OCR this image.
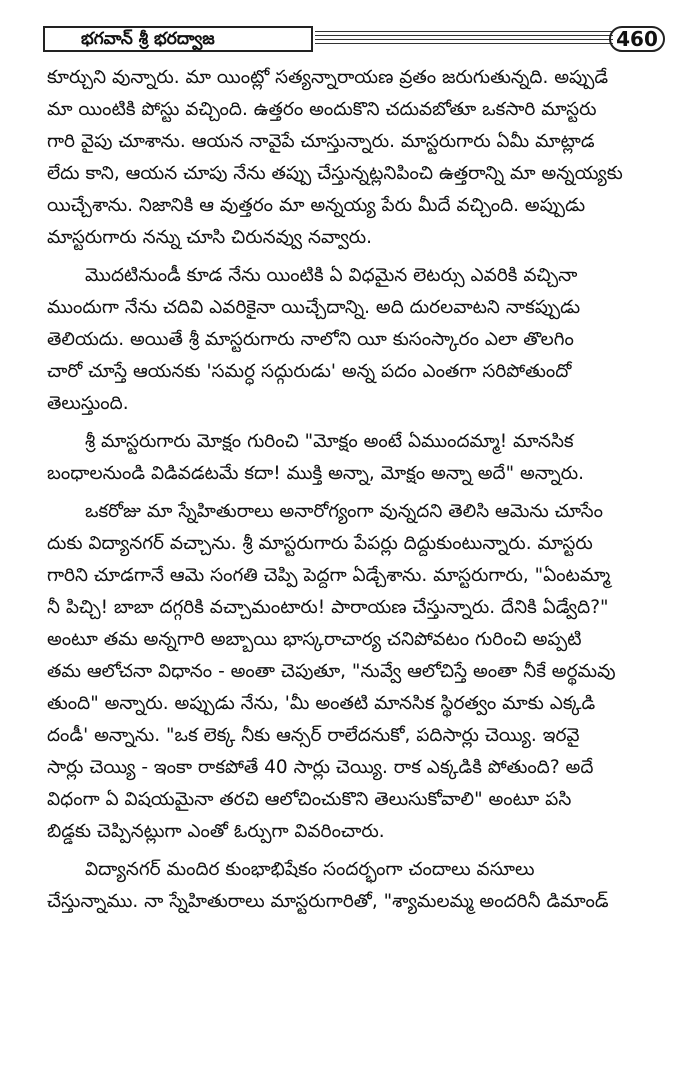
భగవాన్ శ్రీ భరద్వాజ	460

కూర్చుని వున్నారు. మా యింట్లో సత్యన్నారాయణ వ్రతం జరుగుతున్నది. అప్పుడే
మా యింటికి పోస్టు వచ్చింది. ఉత్తరం అందుకొని చదువబోతూ ఒకసారి మాస్టరు
గారి వైపు చూశాను. ఆయన నావైపే చూస్తున్నారు. మాస్టరుగారు ఏమీ మాట్లాడ
లేదు కాని, ఆయన చూపు నేను తప్పు చేస్తున్నట్లనిపించి ఉత్తరాన్ని మా అన్నయ్యకు
యిచ్చేశాను. నిజానికి ఆ వుత్తరం మా అన్నయ్య పేరు మీదే వచ్చింది. అప్పుడు
మాస్టరుగారు నన్ను చూసి చిరునవ్వు నవ్వారు.

మొదటినుండీ కూడ నేను యింటికి ఏ విధమైన లెటర్సు ఎవరికి వచ్చినా
ముందుగా నేను చదివి ఎవరికైనా యిచ్చేదాన్ని. అది దురలవాటని నాకప్పుడు
తెలియదు. అయితే శ్రీ మాస్టరుగారు నాలోని యీ కుసంస్కారం ఎలా తొలగిం
చారో చూస్తే ఆయనకు 'సమర్ధ సద్గురుడు' అన్న పదం ఎంతగా సరిపోతుందో
తెలుస్తుంది.

శ్రీ మాస్టరుగారు మోక్షం గురించి "మోక్షం అంటే ఏముందమ్మా! మానసిక
బంధాలనుండి విడివడటమే కదా! ముక్తి అన్నా, మోక్షం అన్నా అదే" అన్నారు.

ఒకరోజు మా స్నేహితురాలు అనారోగ్యంగా వున్నదని తెలిసి ఆమెను చూసేం
దుకు విద్యానగర్ వచ్చాను. శ్రీ మాస్టరుగారు పేపర్లు దిద్దుకుంటున్నారు. మాస్టరు
గారిని చూడగానే ఆమె సంగతి చెప్పి పెద్దగా ఏడ్చేశాను. మాస్టరుగారు, "ఏంటమ్మా
నీ పిచ్చి! బాబా దగ్గరికి వచ్చామంటారు! పారాయణ చేస్తున్నారు. దేనికి ఏడ్వేది?"
అంటూ తమ అన్నగారి అబ్బాయి భాస్కరాచార్య చనిపోవటం గురించి అప్పటి
తమ ఆలోచనా విధానం - అంతా చెపుతూ, "నువ్వే ఆలోచిస్తే అంతా నీకే అర్థమవు
తుంది" అన్నారు. అప్పుడు నేను, 'మీ అంతటి మానసిక స్థిరత్వం మాకు ఎక్కడి
దండీ' అన్నాను. "ఒక లెక్క నీకు ఆన్సర్ రాలేదనుకో, పదిసార్లు చెయ్యి. ఇరవై
సార్లు చెయ్యి - ఇంకా రాకపోతే 40 సార్లు చెయ్యి. రాక ఎక్కడికి పోతుంది? అదే
విధంగా ఏ విషయమైనా తరచి ఆలోచించుకొని తెలుసుకోవాలి" అంటూ పసి
బిడ్డకు చెప్పినట్లుగా ఎంతో ఓర్పుగా వివరించారు.

విద్యానగర్ మందిర కుంభాభిషేకం సందర్భంగా చందాలు వసూలు
చేస్తున్నాము. నా స్నేహితురాలు మాస్టరుగారితో, "శ్యామలమ్మ అందరినీ డిమాండ్
